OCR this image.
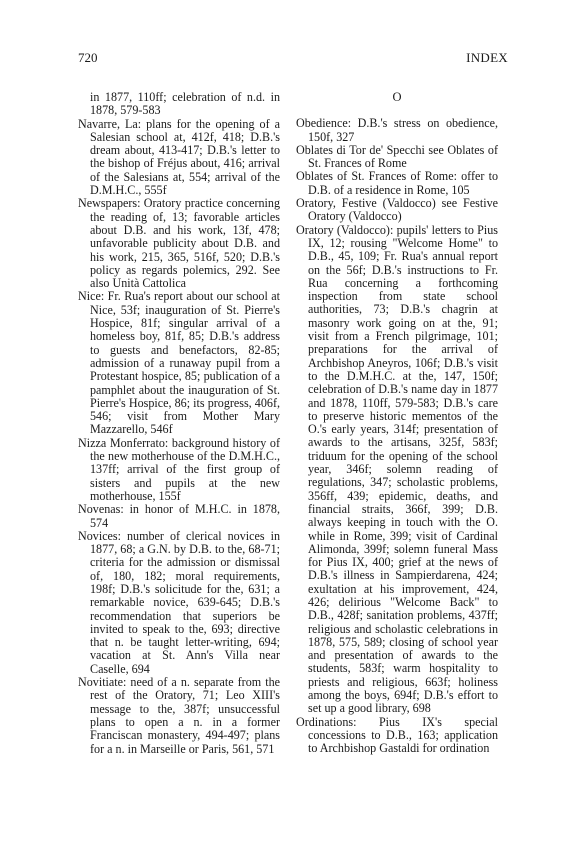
720	INDEX

in 1877, 110ff; celebration of n.d. in 1878, 579-583

Navarre, La: plans for the opening of a Salesian school at, 412f, 418; D.B.'s dream about, 413-417; D.B.'s letter to the bishop of Fréjus about, 416; arrival of the Salesians at, 554; arrival of the D.M.H.C., 555f

Newspapers: Oratory practice concerning the reading of, 13; favorable articles about D.B. and his work, 13f, 478; unfavorable publicity about D.B. and his work, 215, 365, 516f, 520; D.B.'s policy as regards polemics, 292. See also Unità Cattolica

Nice: Fr. Rua's report about our school at Nice, 53f; inauguration of St. Pierre's Hospice, 81f; singular arrival of a homeless boy, 81f, 85; D.B.'s address to guests and benefactors, 82-85; admission of a runaway pupil from a Protestant hospice, 85; publication of a pamphlet about the inauguration of St. Pierre's Hospice, 86; its progress, 406f, 546; visit from Mother Mary Mazzarello, 546f

Nizza Monferrato: background history of the new motherhouse of the D.M.H.C., 137ff; arrival of the first group of sisters and pupils at the new motherhouse, 155f

Novenas: in honor of M.H.C. in 1878, 574

Novices: number of clerical novices in 1877, 68; a G.N. by D.B. to the, 68-71; criteria for the admission or dismissal of, 180, 182; moral requirements, 198f; D.B.'s solicitude for the, 631; a remarkable novice, 639-645; D.B.'s recommendation that superiors be invited to speak to the, 693; directive that n. be taught letter-writing, 694; vacation at St. Ann's Villa near Caselle, 694

Novitiate: need of a n. separate from the rest of the Oratory, 71; Leo XIII's message to the, 387f; unsuccessful plans to open a n. in a former Franciscan monastery, 494-497; plans for a n. in Marseille or Paris, 561, 571

O

Obedience: D.B.'s stress on obedience, 150f, 327

Oblates di Tor de' Specchi see Oblates of St. Frances of Rome

Oblates of St. Frances of Rome: offer to D.B. of a residence in Rome, 105

Oratory, Festive (Valdocco) see Festive Oratory (Valdocco)

Oratory (Valdocco): pupils' letters to Pius IX, 12; rousing "Welcome Home" to D.B., 45, 109; Fr. Rua's annual report on the 56f; D.B.'s instructions to Fr. Rua concerning a forthcoming inspection from state school authorities, 73; D.B.'s chagrin at masonry work going on at the, 91; visit from a French pilgrimage, 101; preparations for the arrival of Archbishop Aneyros, 106f; D.B.'s visit to the D.M.H.C. at the, 147, 150f; celebration of D.B.'s name day in 1877 and 1878, 110ff, 579-583; D.B.'s care to preserve historic mementos of the O.'s early years, 314f; presentation of awards to the artisans, 325f, 583f; triduum for the opening of the school year, 346f; solemn reading of regulations, 347; scholastic problems, 356ff, 439; epidemic, deaths, and financial straits, 366f, 399; D.B. always keeping in touch with the O. while in Rome, 399; visit of Cardinal Alimonda, 399f; solemn funeral Mass for Pius IX, 400; grief at the news of D.B.'s illness in Sampierdarena, 424; exultation at his improvement, 424, 426; delirious "Welcome Back" to D.B., 428f; sanitation problems, 437ff; religious and scholastic celebrations in 1878, 575, 589; closing of school year and presentation of awards to the students, 583f; warm hospitality to priests and religious, 663f; holiness among the boys, 694f; D.B.'s effort to set up a good library, 698

Ordinations: Pius IX's special concessions to D.B., 163; application to Archbishop Gastaldi for ordination
